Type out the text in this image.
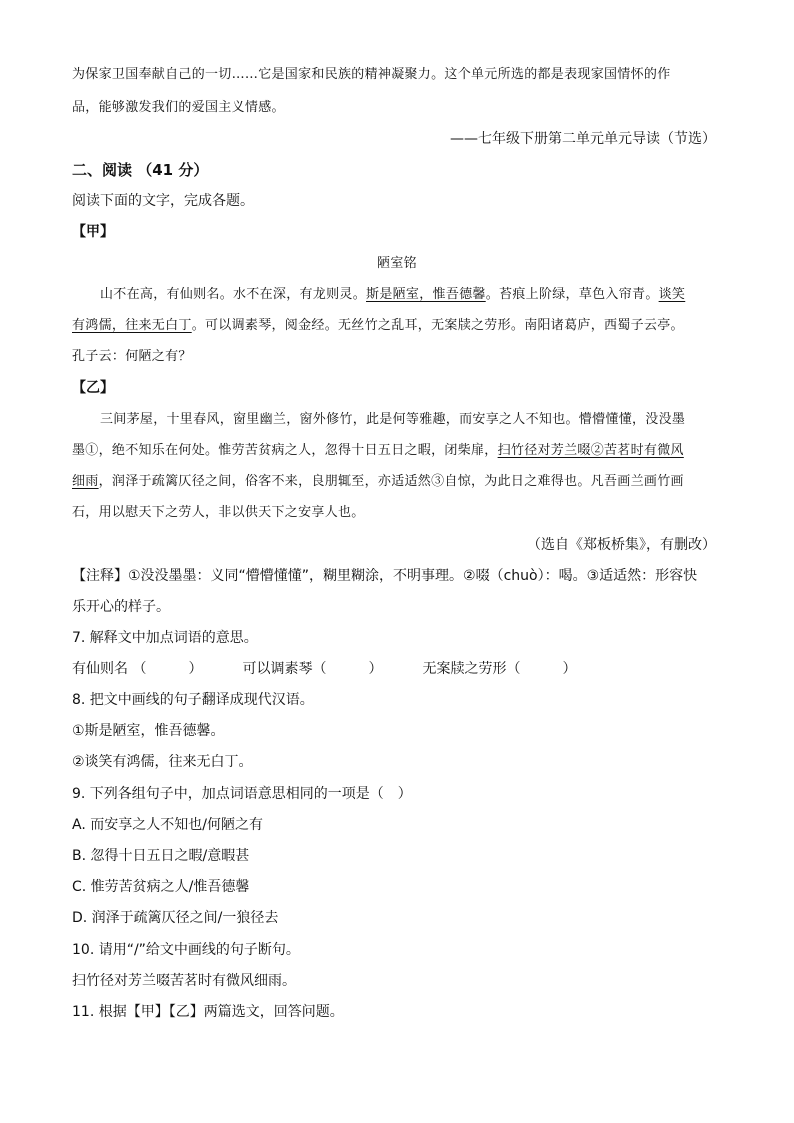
为保家卫国奉献自己的一切……它是国家和民族的精神凝聚力。这个单元所选的都是表现家国情怀的作
品，能够激发我们的爱国主义情感。
——七年级下册第二单元单元导读（节选）
二、阅读 （41 分）
阅读下面的文字，完成各题。
【甲】
陋室铭
山不在高，有仙则名。水不在深，有龙则灵。斯是陋室，惟吾德馨。苔痕上阶绿，草色入帘青。谈笑
有鸿儒，往来无白丁。可以调素琴，阅金经。无丝竹之乱耳，无案牍之劳形。南阳诸葛庐，西蜀子云亭。
孔子云：何陋之有？
【乙】
三间茅屋，十里春风，窗里幽兰，窗外修竹，此是何等雅趣，而安享之人不知也。懵懵懂懂，没没墨
墨①，绝不知乐在何处。惟劳苦贫病之人，忽得十日五日之暇，闭柴扉，扫竹径对芳兰啜②苦茗时有微风
细雨，润泽于疏篱仄径之间，俗客不来，良朋辄至，亦适适然③自惊，为此日之难得也。凡吾画兰画竹画
石，用以慰天下之劳人，非以供天下之安享人也。
（选自《郑板桥集》，有删改）
【注释】①没没墨墨：义同“懵懵懂懂”，糊里糊涂，不明事理。②啜（chuò）：喝。③适适然：形容快
乐开心的样子。
7. 解释文中加点词语的意思。
有仙则名 （　　　）	可以调素琴（　　　）	无案牍之劳形（　　　）
8. 把文中画线的句子翻译成现代汉语。
①斯是陋室，惟吾德馨。
②谈笑有鸿儒，往来无白丁。
9. 下列各组句子中，加点词语意思相同的一项是（　）
A. 而安享之人不知也/何陋之有
B. 忽得十日五日之暇/意暇甚
C. 惟劳苦贫病之人/惟吾德馨
D. 润泽于疏篱仄径之间/一狼径去
10. 请用“/”给文中画线的句子断句。
扫竹径对芳兰啜苦茗时有微风细雨。
11. 根据【甲】【乙】两篇选文，回答问题。
